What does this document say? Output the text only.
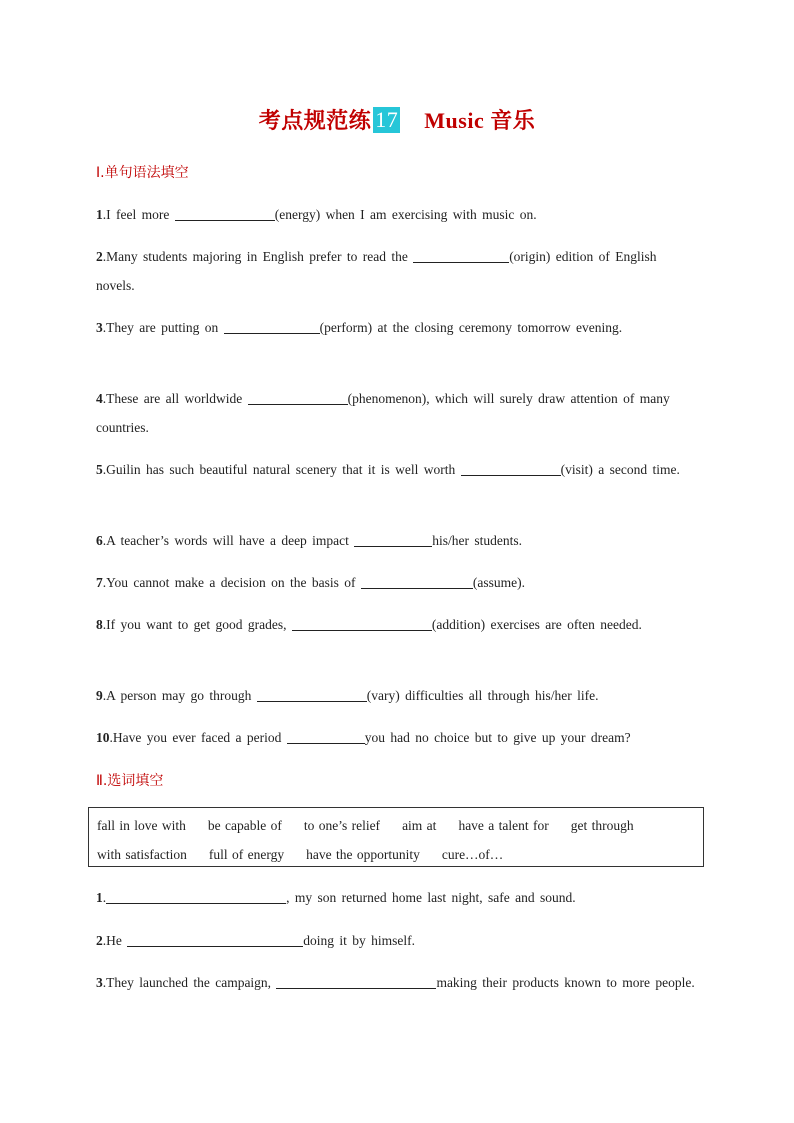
考点规范练 17 Music 音乐
Ⅰ.单句语法填空
1.I feel more	(energy) when I am exercising with music on.
2.Many students majoring in English prefer to read the	(origin) edition of English novels.
3.They are putting on	(perform) at the closing ceremony tomorrow evening.
4.These are all worldwide	(phenomenon), which will surely draw attention of many countries.
5.Guilin has such beautiful natural scenery that it is well worth	(visit) a second time.
6.A teacher’s words will have a deep impact	his/her students.
7.You cannot make a decision on the basis of	(assume).
8.If you want to get good grades,	(addition) exercises are often needed.
9.A person may go through	(vary) difficulties all through his/her life.
10.Have you ever faced a period	you had no choice but to give up your dream?
Ⅱ.选词填空
fall in love with be capable of to one’s relief aim at have a talent for get through
with satisfaction full of energy have the opportunity cure…of…
1.	, my son returned home last night, safe and sound.
2.He	doing it by himself.
3.They launched the campaign,	making their products known to more people.
